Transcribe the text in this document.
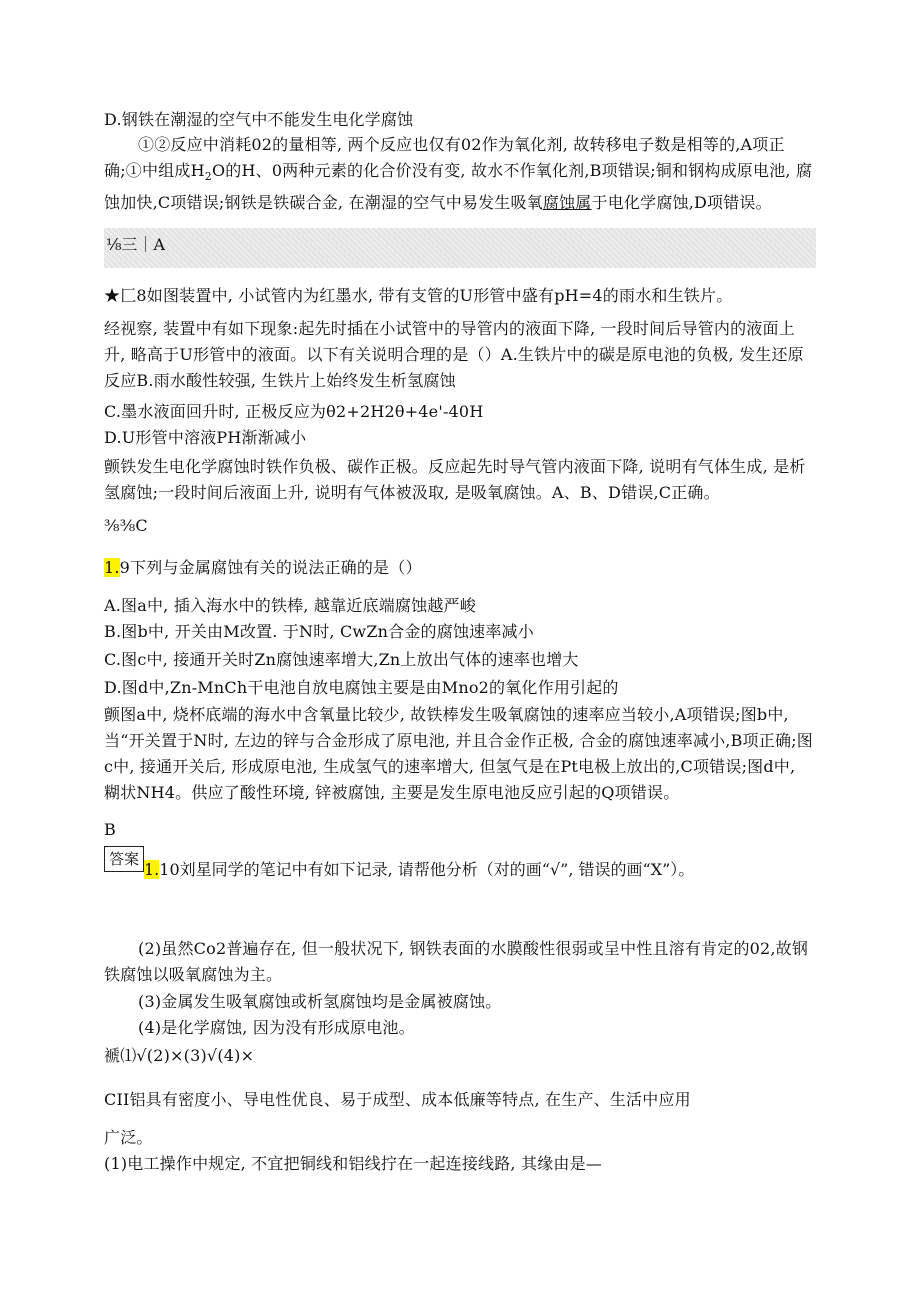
D.钢铁在潮湿的空气中不能发生电化学腐蚀
①②反应中消耗02的量相等, 两个反应也仅有02作为氧化剂, 故转移电子数是相等的,A项正确;①中组成$H_2O$的H、0两种元素的化合价没有变, 故水不作氧化剂,B项错误;铜和钢构成原电池, 腐蚀加快,C项错误;钢铁是铁碳合金, 在潮湿的空气中易发生吸氧腐蚀属于电化学腐蚀,D项错误。
⅛三｜A
★匚8如图装置中, 小试管内为红墨水, 带有支管的U形管中盛有pH=4的雨水和生铁片。
经视察, 装置中有如下现象:起先时插在小试管中的导管内的液面下降, 一段时间后导管内的液面上升, 略高于U形管中的液面。以下有关说明合理的是（）A.生铁片中的碳是原电池的负极, 发生还原反应B.雨水酸性较强, 生铁片上始终发生析氢腐蚀
C.墨水液面回升时, 正极反应为θ2+2H2θ+4e'-40H
D.U形管中溶液PH渐渐减小
颤铁发生电化学腐蚀时铁作负极、碳作正极。反应起先时导气管内液面下降, 说明有气体生成, 是析氢腐蚀;一段时间后液面上升, 说明有气体被汲取, 是吸氧腐蚀。A、B、D错误,C正确。
⅜⅜C
1.9下列与金属腐蚀有关的说法正确的是（）
A.图a中, 插入海水中的铁棒, 越靠近底端腐蚀越严峻
B.图b中, 开关由M改置. 于N时, CwZn合金的腐蚀速率减小
C.图c中, 接通开关时Zn腐蚀速率增大,Zn上放出气体的速率也增大
D.图d中,Zn-MnCh干电池自放电腐蚀主要是由Mno2的氧化作用引起的
颤图a中, 烧杯底端的海水中含氧量比较少, 故铁棒发生吸氧腐蚀的速率应当较小,A项错误;图b中, 当“开关置于N时, 左边的锌与合金形成了原电池, 并且合金作正极, 合金的腐蚀速率减小,B项正确;图c中, 接通开关后, 形成原电池, 生成氢气的速率增大, 但氢气是在Pt电极上放出的,C项错误;图d中, 糊状NH4。供应了酸性环境, 锌被腐蚀, 主要是发生原电池反应引起的Q项错误。
B
答案
1.10刘星同学的笔记中有如下记录, 请帮他分析（对的画“√”, 错误的画“X”）。
(2)虽然Co2普遍存在, 但一般状况下, 钢铁表面的水膜酸性很弱或呈中性且溶有肯定的02,故钢铁腐蚀以吸氧腐蚀为主。
(3)金属发生吸氧腐蚀或析氢腐蚀均是金属被腐蚀。
(4)是化学腐蚀, 因为没有形成原电池。
褫⑴√(2)×(3)√(4)×
CII铝具有密度小、导电性优良、易于成型、成本低廉等特点, 在生产、生活中应用
广泛。
(1)电工操作中规定, 不宜把铜线和铝线拧在一起连接线路, 其缘由是—
